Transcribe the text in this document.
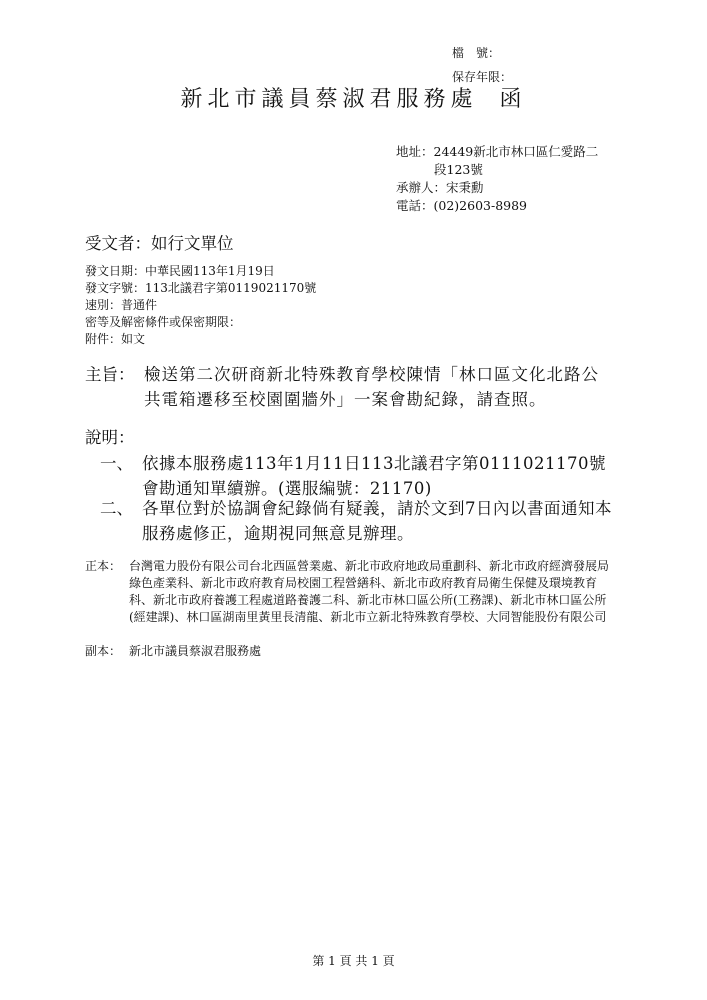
檔　號：
保存年限：
新北市議員蔡淑君服務處 函
地址：24449新北市林口區仁愛路二
段123號
承辦人：宋秉勳
電話：(02)2603-8989
受文者：如行文單位
發文日期：中華民國113年1月19日
發文字號：113北議君字第0119021170號
速別：普通件
密等及解密條件或保密期限：
附件：如文
主旨： 檢送第二次研商新北特殊教育學校陳情「林口區文化北路公共電箱遷移至校園圍牆外」一案會勘紀錄，請查照。
說明：
一、 依據本服務處113年1月11日113北議君字第0111021170號會勘通知單續辦。(選服編號：21170)
二、 各單位對於協調會紀錄倘有疑義，請於文到7日內以書面通知本服務處修正，逾期視同無意見辦理。
正本： 台灣電力股份有限公司台北西區營業處、新北市政府地政局重劃科、新北市政府經濟發展局綠色產業科、新北市政府教育局校園工程營繕科、新北市政府教育局衛生保健及環境教育科、新北市政府養護工程處道路養護二科、新北市林口區公所(工務課)、新北市林口區公所(經建課)、林口區湖南里黃里長清龍、新北市立新北特殊教育學校、大同智能股份有限公司
副本： 新北市議員蔡淑君服務處
第 1 頁 共 1 頁
